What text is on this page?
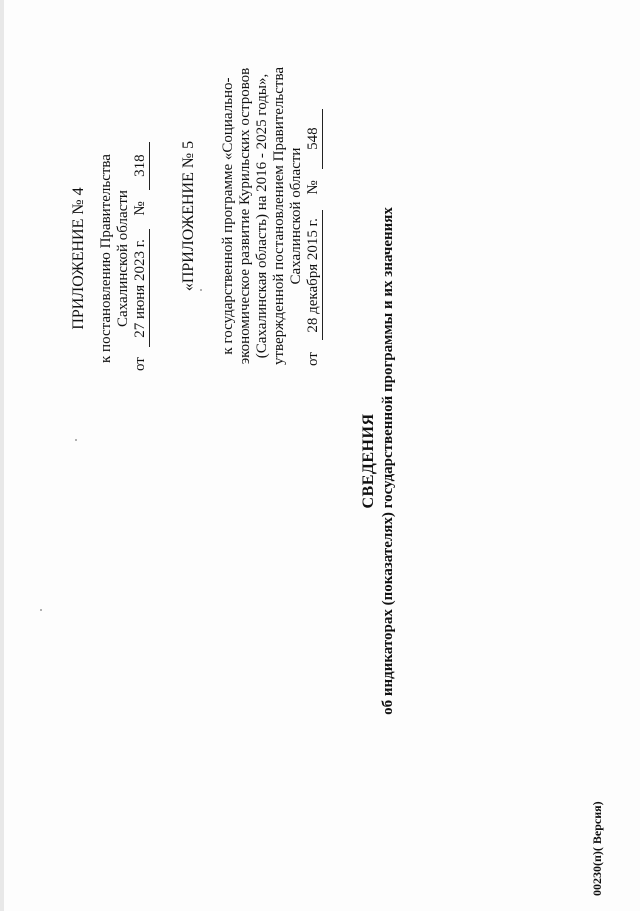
ПРИЛОЖЕНИЕ № 4 к постановлению Правительства Сахалинской области
от 27 июня 2023 г. № 318 «ПРИЛОЖЕНИЕ № 5 к государственной программе «Социально- экономическое развитие Курильских островов (Сахалинская область) на 2016 - 2025 годы», утвержденной постановлением Правительства Сахалинской области
от 28 декабря 2015 г. № 548
СВЕДЕНИЯ об индикаторах (показателях) государственной программы и их значениях
00230(п)( Версия)
